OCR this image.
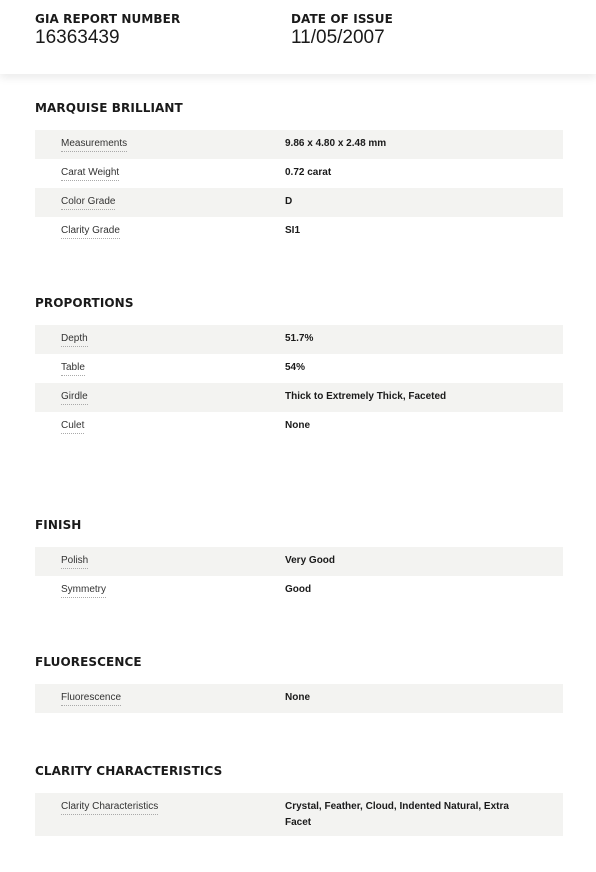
GIA REPORT NUMBER
16363439
DATE OF ISSUE
11/05/2007
MARQUISE BRILLIANT
Measurements	9.86 x 4.80 x 2.48 mm
Carat Weight	0.72 carat
Color Grade	D
Clarity Grade	SI1
PROPORTIONS
Depth	51.7%
Table	54%
Girdle	Thick to Extremely Thick, Faceted
Culet	None
FINISH
Polish	Very Good
Symmetry	Good
FLUORESCENCE
Fluorescence	None
CLARITY CHARACTERISTICS
Clarity Characteristics	Crystal, Feather, Cloud, Indented Natural, Extra Facet
